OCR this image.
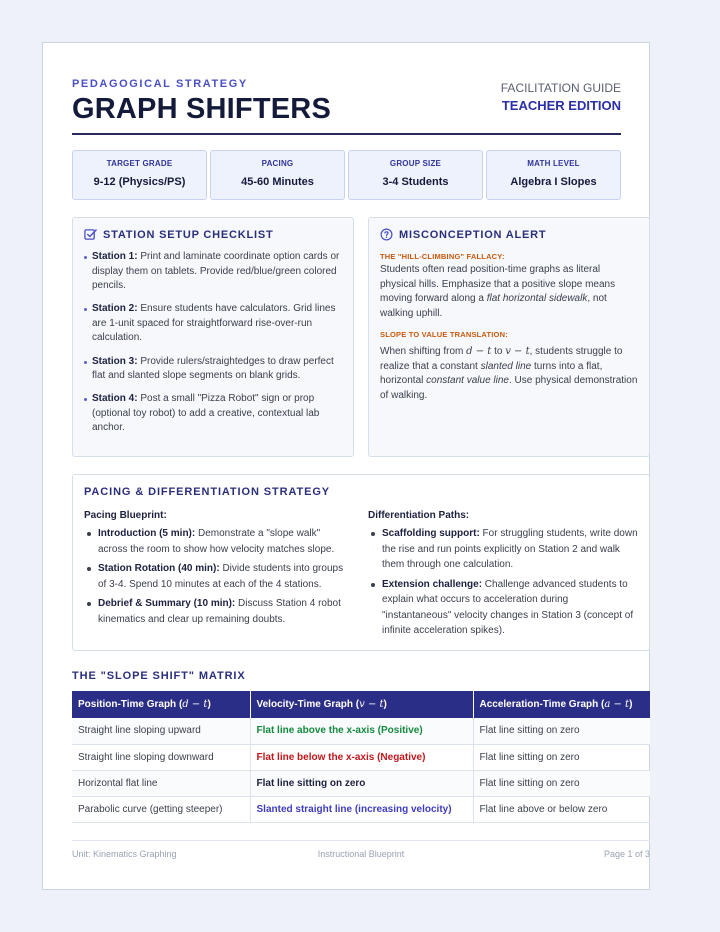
PEDAGOGICAL STRATEGY
GRAPH SHIFTERS
FACILITATION GUIDE
TEACHER EDITION
TARGET GRADE
9-12 (Physics/PS)
PACING
45-60 Minutes
GROUP SIZE
3-4 Students
MATH LEVEL
Algebra I Slopes
STATION SETUP CHECKLIST
Station 1: Print and laminate coordinate option cards or display them on tablets. Provide red/blue/green colored pencils.
Station 2: Ensure students have calculators. Grid lines are 1-unit spaced for straightforward rise-over-run calculation.
Station 3: Provide rulers/straightedges to draw perfect flat and slanted slope segments on blank grids.
Station 4: Post a small "Pizza Robot" sign or prop (optional toy robot) to add a creative, contextual lab anchor.
MISCONCEPTION ALERT
THE "HILL-CLIMBING" FALLACY:
Students often read position-time graphs as literal physical hills. Emphasize that a positive slope means moving forward along a flat horizontal sidewalk, not walking uphill.
SLOPE TO VALUE TRANSLATION:
When shifting from d − t to v − t, students struggle to realize that a constant slanted line turns into a flat, horizontal constant value line. Use physical demonstration of walking.
PACING & DIFFERENTIATION STRATEGY
Pacing Blueprint:
Introduction (5 min): Demonstrate a "slope walk" across the room to show how velocity matches slope.
Station Rotation (40 min): Divide students into groups of 3-4. Spend 10 minutes at each of the 4 stations.
Debrief & Summary (10 min): Discuss Station 4 robot kinematics and clear up remaining doubts.
Differentiation Paths:
Scaffolding support: For struggling students, write down the rise and run points explicitly on Station 2 and walk them through one calculation.
Extension challenge: Challenge advanced students to explain what occurs to acceleration during "instantaneous" velocity changes in Station 3 (concept of infinite acceleration spikes).
THE "SLOPE SHIFT" MATRIX
Position-Time Graph (d − t)	Velocity-Time Graph (v − t)	Acceleration-Time Graph (a − t)
Straight line sloping upward	Flat line above the x-axis (Positive)	Flat line sitting on zero
Straight line sloping downward	Flat line below the x-axis (Negative)	Flat line sitting on zero
Horizontal flat line	Flat line sitting on zero	Flat line sitting on zero
Parabolic curve (getting steeper)	Slanted straight line (increasing velocity)	Flat line above or below zero
Unit: Kinematics Graphing	Instructional Blueprint	Page 1 of 3
